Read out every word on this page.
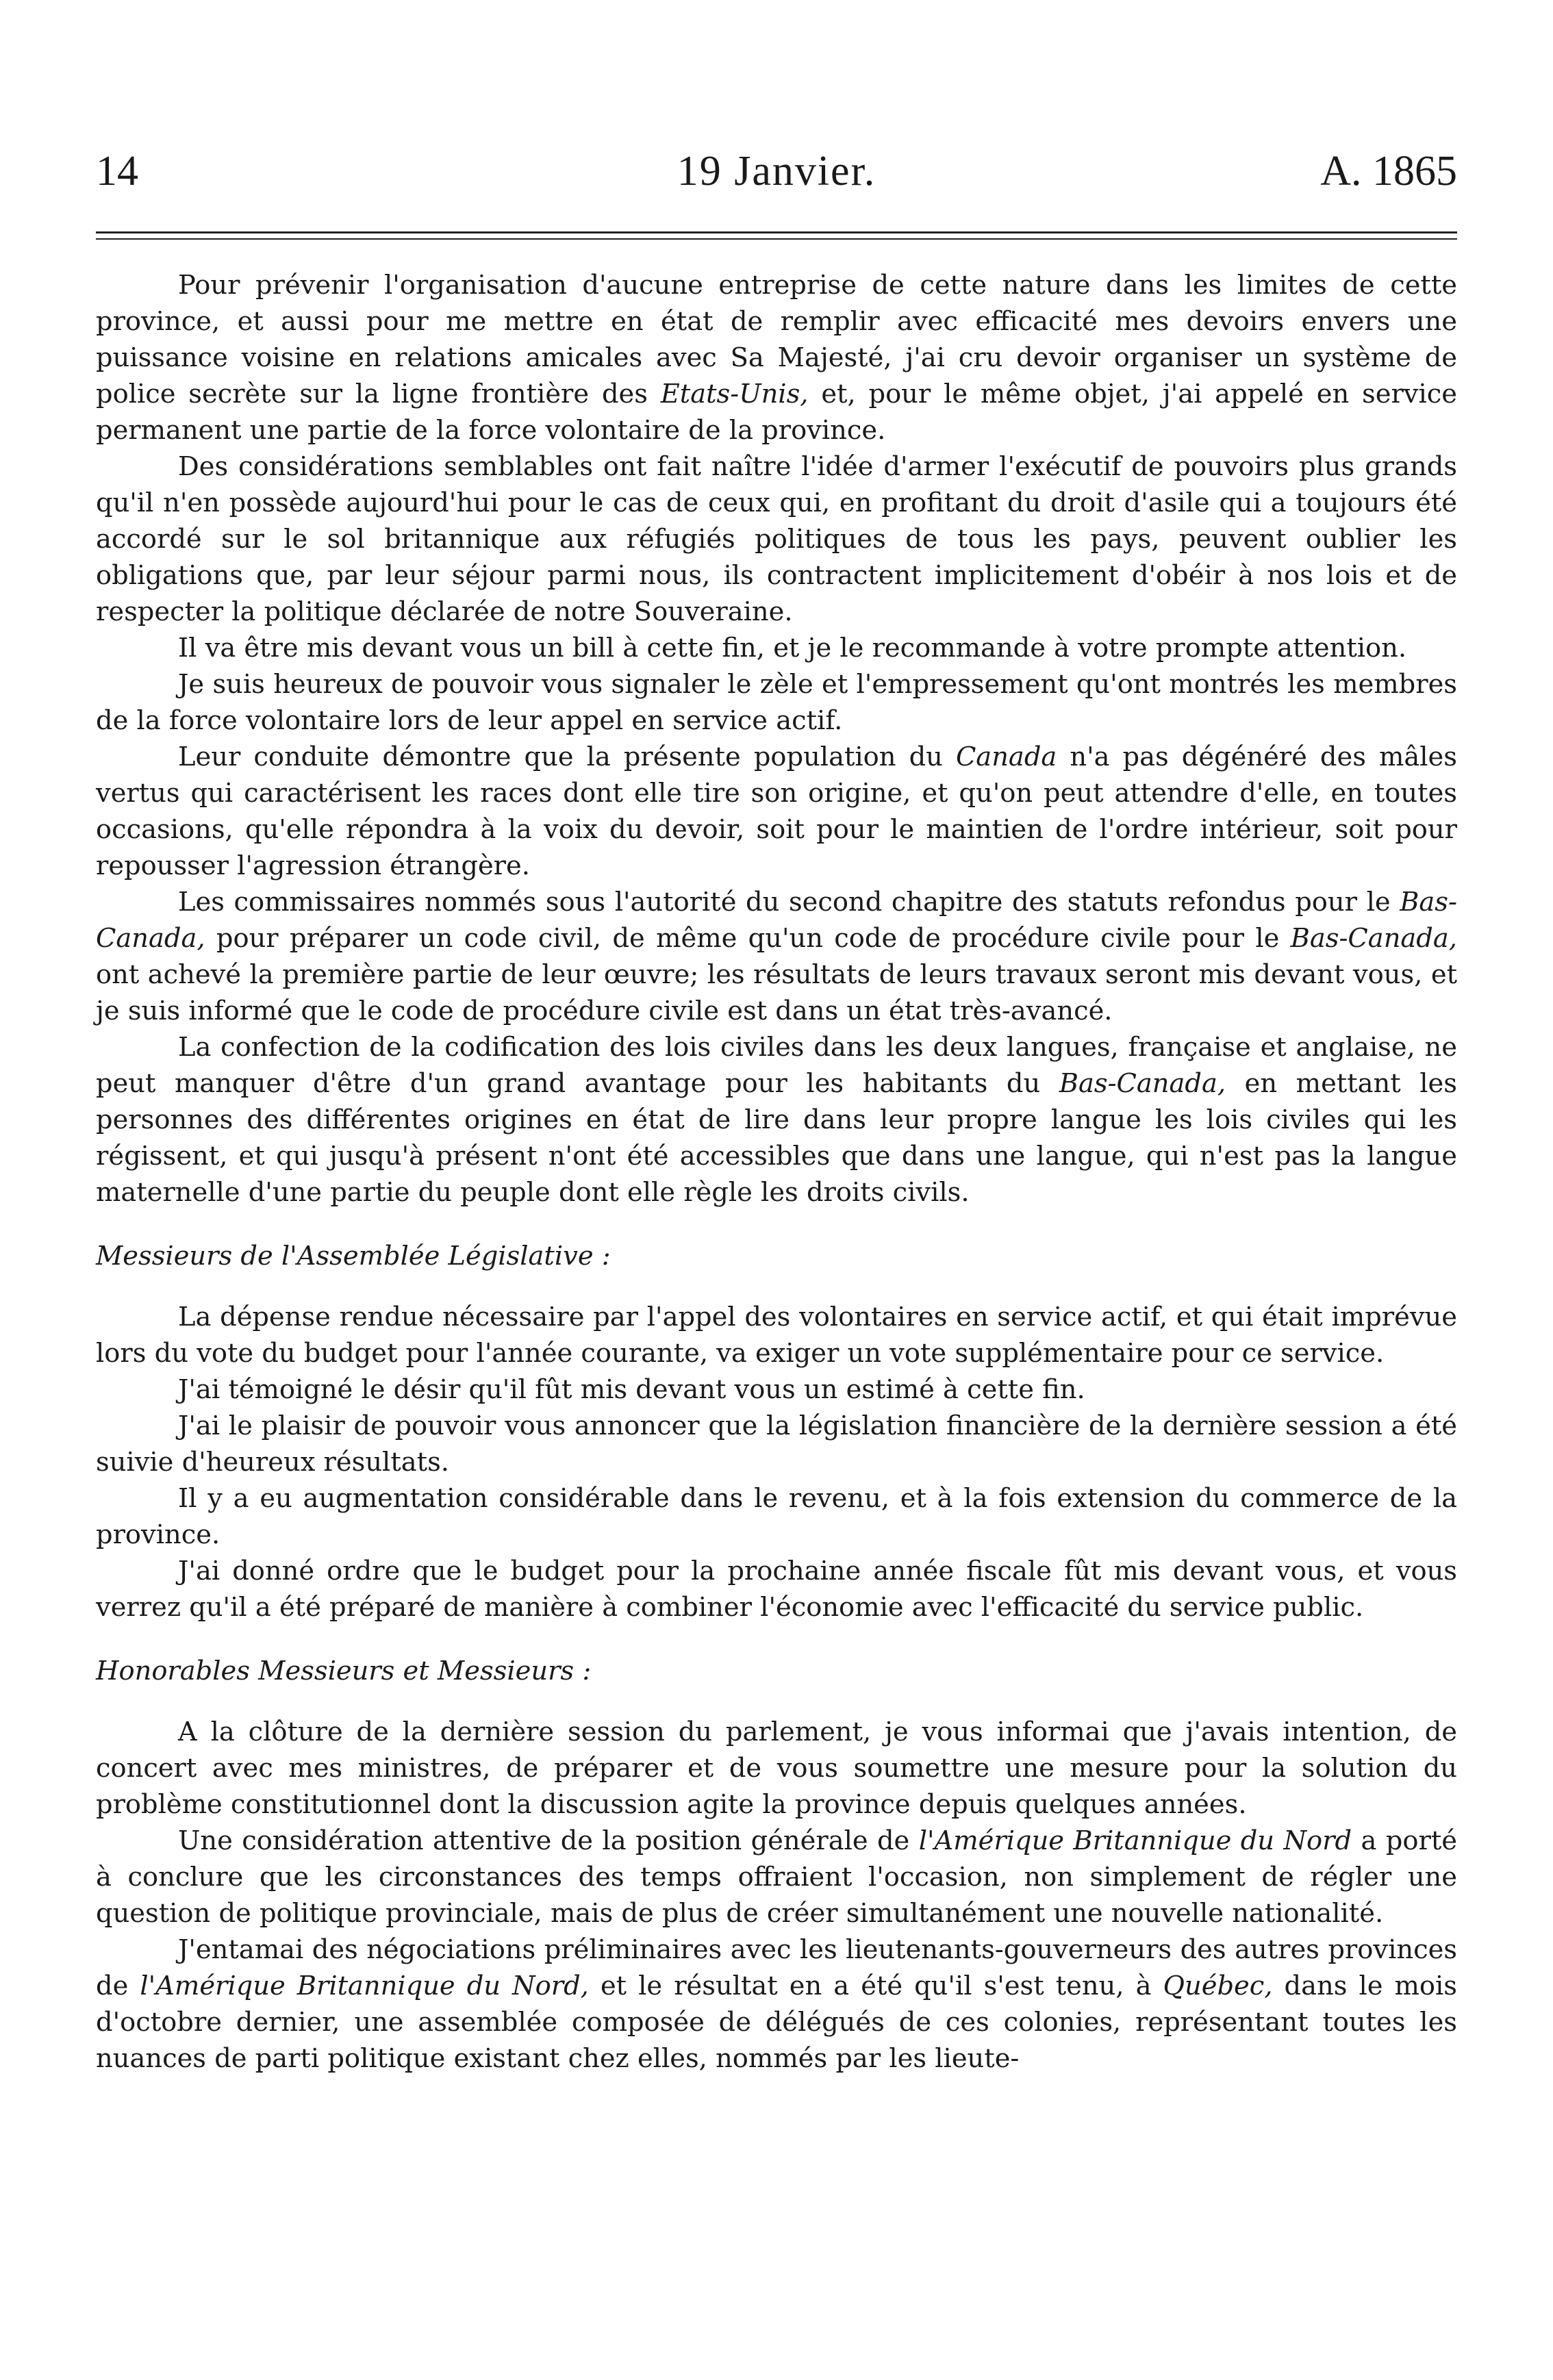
14	19 Janvier.	A. 1865

Pour prévenir l'organisation d'aucune entreprise de cette nature dans les limites de cette province, et aussi pour me mettre en état de remplir avec efficacité mes devoirs envers une puissance voisine en relations amicales avec Sa Majesté, j'ai cru devoir organiser un système de police secrète sur la ligne frontière des Etats-Unis, et, pour le même objet, j'ai appelé en service permanent une partie de la force volontaire de la province.

Des considérations semblables ont fait naître l'idée d'armer l'exécutif de pouvoirs plus grands qu'il n'en possède aujourd'hui pour le cas de ceux qui, en profitant du droit d'asile qui a toujours été accordé sur le sol britannique aux réfugiés politiques de tous les pays, peuvent oublier les obligations que, par leur séjour parmi nous, ils contractent implicitement d'obéir à nos lois et de respecter la politique déclarée de notre Souveraine.

Il va être mis devant vous un bill à cette fin, et je le recommande à votre prompte attention.

Je suis heureux de pouvoir vous signaler le zèle et l'empressement qu'ont montrés les membres de la force volontaire lors de leur appel en service actif.

Leur conduite démontre que la présente population du Canada n'a pas dégénéré des mâles vertus qui caractérisent les races dont elle tire son origine, et qu'on peut attendre d'elle, en toutes occasions, qu'elle répondra à la voix du devoir, soit pour le maintien de l'ordre intérieur, soit pour repousser l'agression étrangère.

Les commissaires nommés sous l'autorité du second chapitre des statuts refondus pour le Bas-Canada, pour préparer un code civil, de même qu'un code de procédure civile pour le Bas-Canada, ont achevé la première partie de leur œuvre; les résultats de leurs travaux seront mis devant vous, et je suis informé que le code de procédure civile est dans un état très-avancé.

La confection de la codification des lois civiles dans les deux langues, française et anglaise, ne peut manquer d'être d'un grand avantage pour les habitants du Bas-Canada, en mettant les personnes des différentes origines en état de lire dans leur propre langue les lois civiles qui les régissent, et qui jusqu'à présent n'ont été accessibles que dans une langue, qui n'est pas la langue maternelle d'une partie du peuple dont elle règle les droits civils.

Messieurs de l'Assemblée Législative :

La dépense rendue nécessaire par l'appel des volontaires en service actif, et qui était imprévue lors du vote du budget pour l'année courante, va exiger un vote supplémentaire pour ce service.

J'ai témoigné le désir qu'il fût mis devant vous un estimé à cette fin.

J'ai le plaisir de pouvoir vous annoncer que la législation financière de la dernière session a été suivie d'heureux résultats.

Il y a eu augmentation considérable dans le revenu, et à la fois extension du commerce de la province.

J'ai donné ordre que le budget pour la prochaine année fiscale fût mis devant vous, et vous verrez qu'il a été préparé de manière à combiner l'économie avec l'efficacité du service public.

Honorables Messieurs et Messieurs :

A la clôture de la dernière session du parlement, je vous informai que j'avais intention, de concert avec mes ministres, de préparer et de vous soumettre une mesure pour la solution du problème constitutionnel dont la discussion agite la province depuis quelques années.

Une considération attentive de la position générale de l'Amérique Britannique du Nord a porté à conclure que les circonstances des temps offraient l'occasion, non simplement de régler une question de politique provinciale, mais de plus de créer simultanément une nouvelle nationalité.

J'entamai des négociations préliminaires avec les lieutenants-gouverneurs des autres provinces de l'Amérique Britannique du Nord, et le résultat en a été qu'il s'est tenu, à Québec, dans le mois d'octobre dernier, une assemblée composée de délégués de ces colonies, représentant toutes les nuances de parti politique existant chez elles, nommés par les lieute-
